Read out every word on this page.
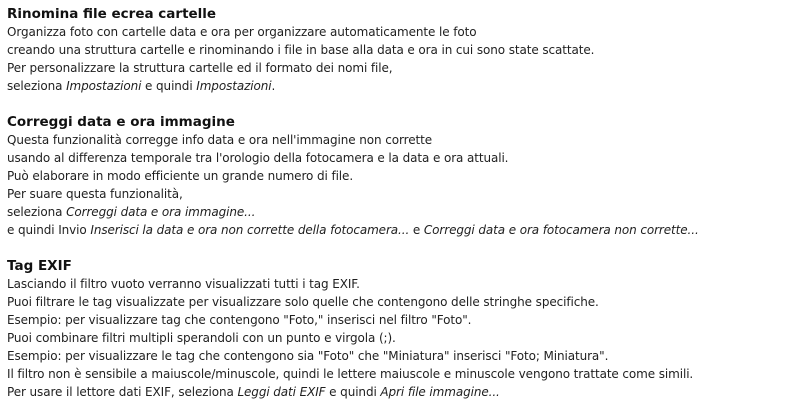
Rinomina file ecrea cartelle
Organizza foto con cartelle data e ora per organizzare automaticamente le foto
creando una struttura cartelle e rinominando i file in base alla data e ora in cui sono state scattate.
Per personalizzare la struttura cartelle ed il formato dei nomi file,
seleziona Impostazioni e quindi Impostazioni.
Correggi data e ora immagine
Questa funzionalità corregge info data e ora nell'immagine non corrette
usando al differenza temporale tra l'orologio della fotocamera e la data e ora attuali.
Può elaborare in modo efficiente un grande numero di file.
Per suare questa funzionalità,
seleziona Correggi data e ora immagine...
e quindi Invio Inserisci la data e ora non corrette della fotocamera... e Correggi data e ora fotocamera non corrette...
Tag EXIF
Lasciando il filtro vuoto verranno visualizzati tutti i tag EXIF.
Puoi filtrare le tag visualizzate per visualizzare solo quelle che contengono delle stringhe specifiche.
Esempio: per visualizzare tag che contengono "Foto," inserisci nel filtro "Foto".
Puoi combinare filtri multipli sperandoli con un punto e virgola (;).
Esempio: per visualizzare le tag che contengono sia "Foto" che "Miniatura" inserisci "Foto; Miniatura".
Il filtro non è sensibile a maiuscole/minuscole, quindi le lettere maiuscole e minuscole vengono trattate come simili.
Per usare il lettore dati EXIF, seleziona Leggi dati EXIF e quindi Apri file immagine...
